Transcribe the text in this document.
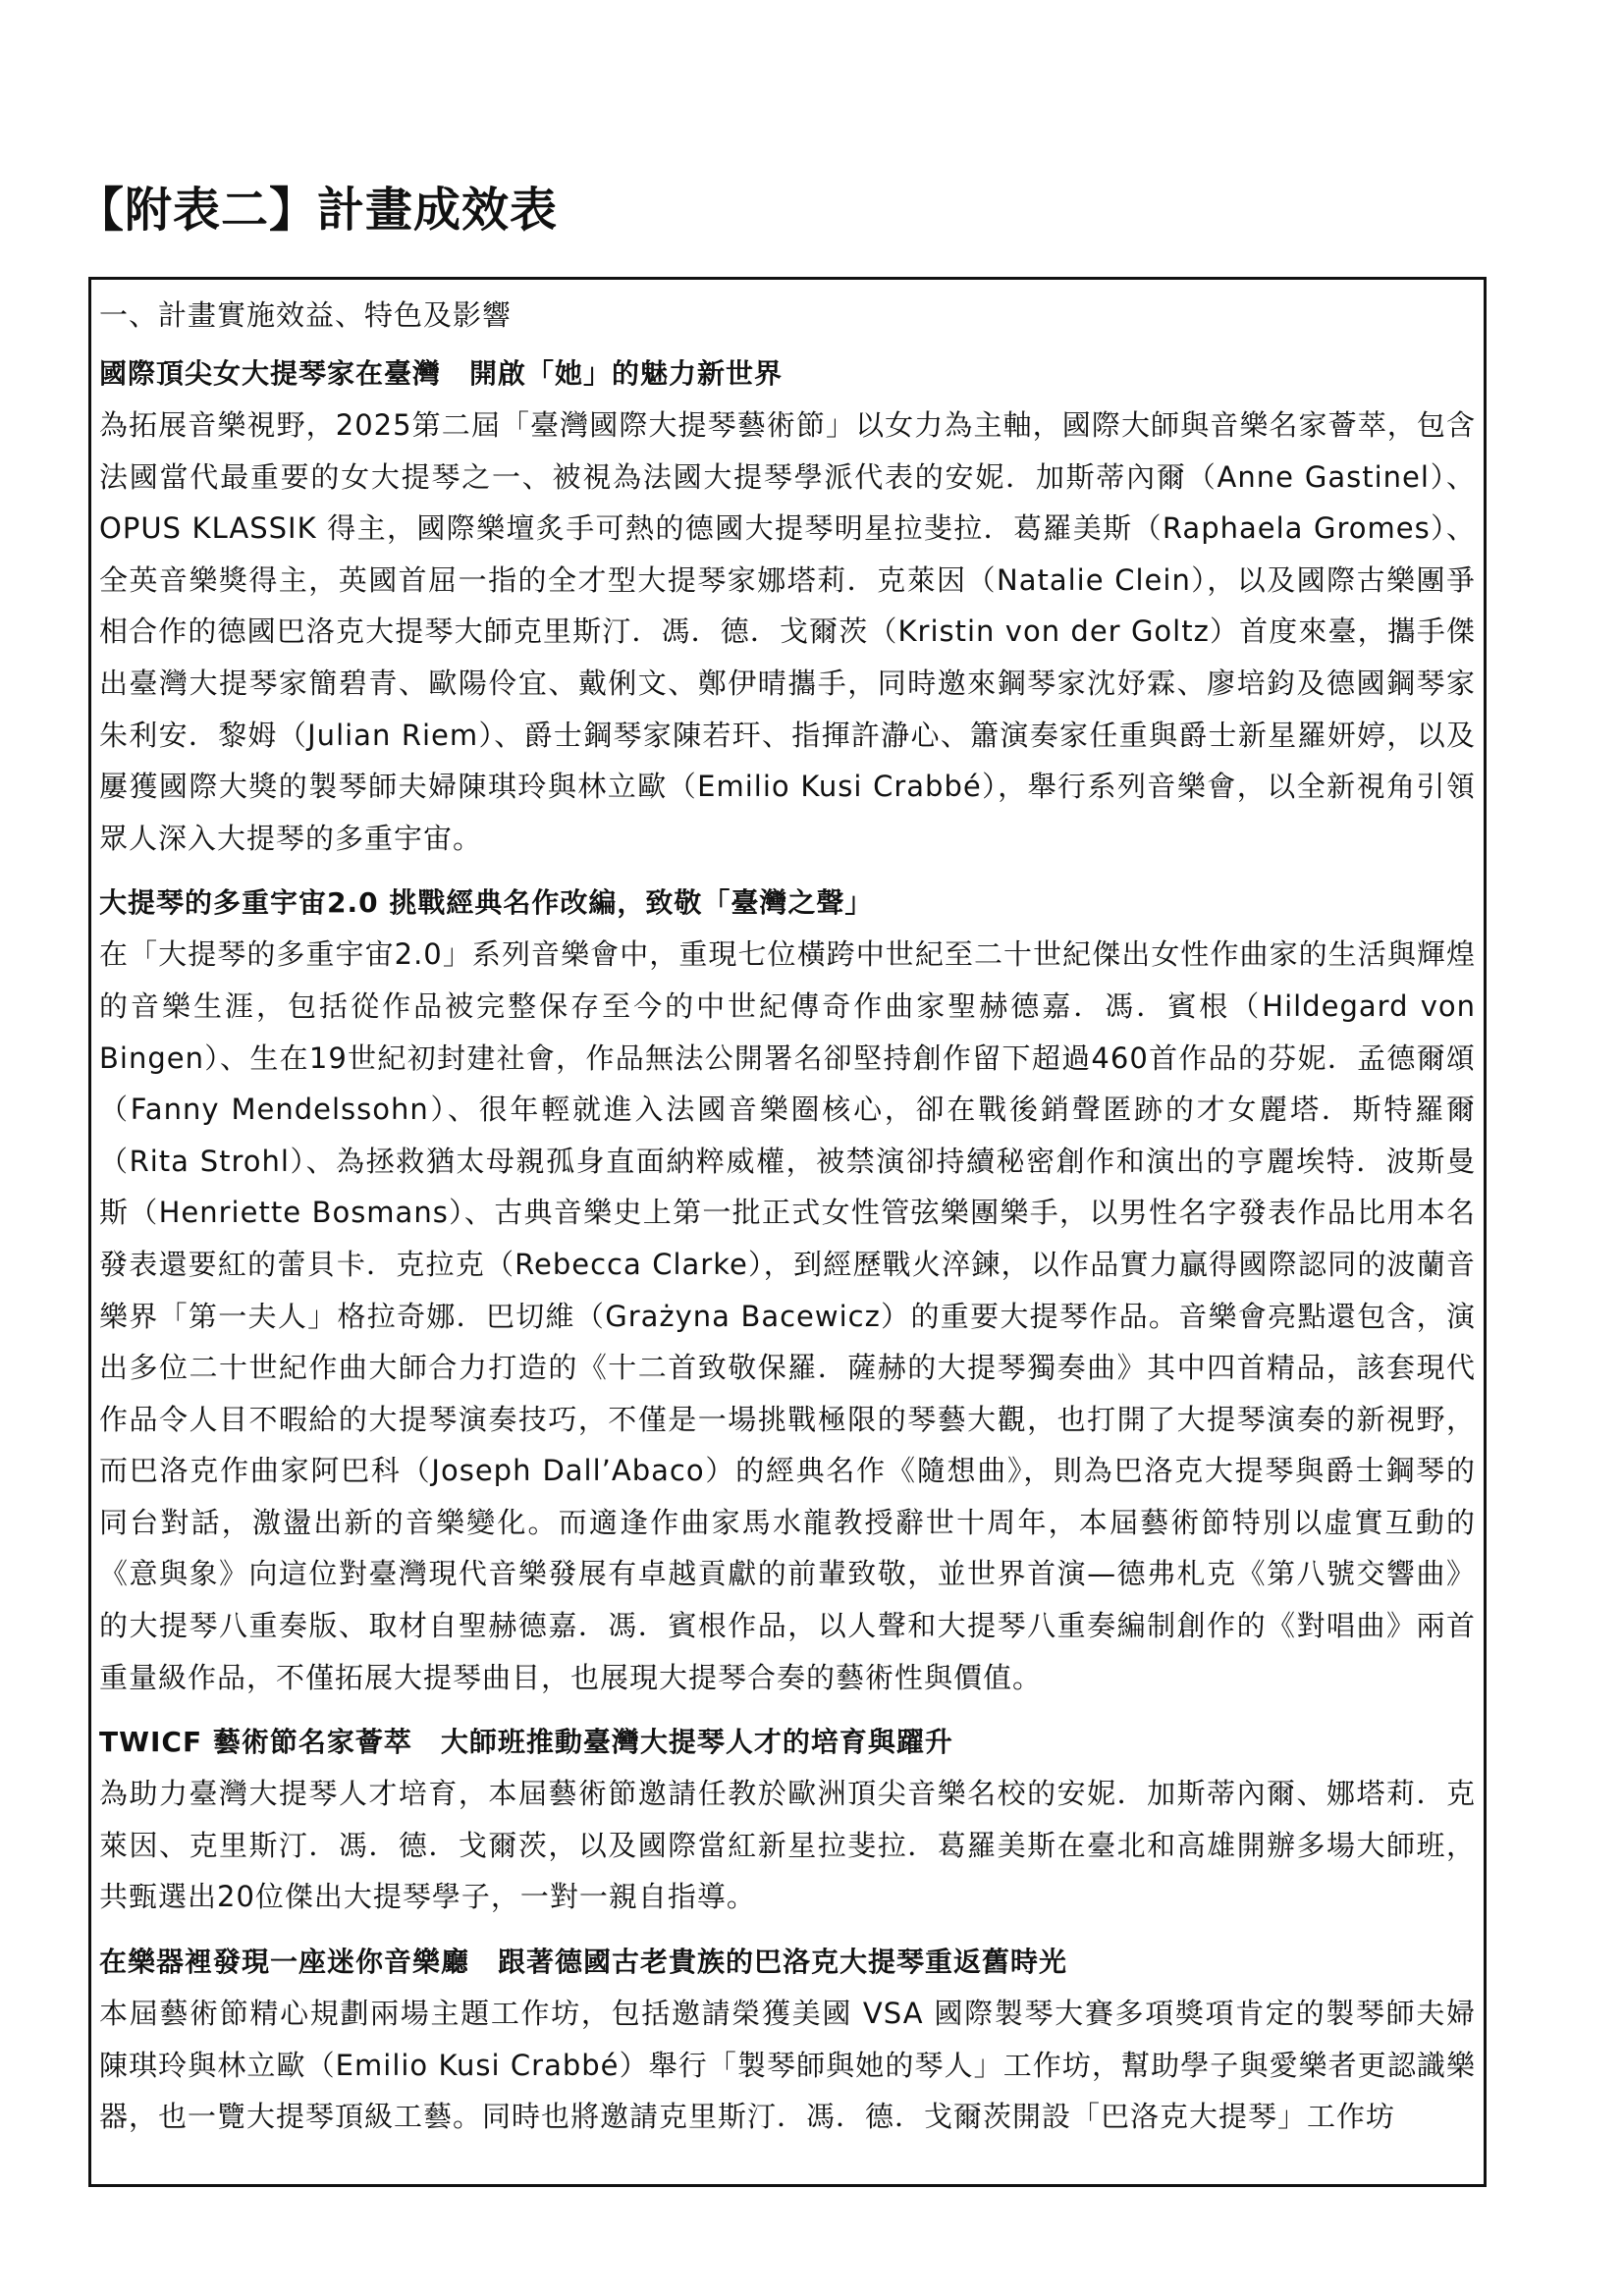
【附表二】計畫成效表

一、計畫實施效益、特色及影響

國際頂尖女大提琴家在臺灣　開啟「她」的魅力新世界

為拓展音樂視野，2025第二屆「臺灣國際大提琴藝術節」以女力為主軸，國際大師與音樂名家薈萃，包含法國當代最重要的女大提琴之一、被視為法國大提琴學派代表的安妮．加斯蒂內爾（Anne Gastinel）、OPUS KLASSIK 得主，國際樂壇炙手可熱的德國大提琴明星拉斐拉．葛羅美斯（Raphaela Gromes）、全英音樂獎得主，英國首屈一指的全才型大提琴家娜塔莉．克萊因（Natalie Clein），以及國際古樂團爭相合作的德國巴洛克大提琴大師克里斯汀．馮．德．戈爾茨（Kristin von der Goltz）首度來臺，攜手傑出臺灣大提琴家簡碧青、歐陽伶宜、戴俐文、鄭伊晴攜手，同時邀來鋼琴家沈妤霖、廖培鈞及德國鋼琴家朱利安．黎姆（Julian Riem）、爵士鋼琴家陳若玕、指揮許瀞心、簫演奏家任重與爵士新星羅妍婷，以及屢獲國際大獎的製琴師夫婦陳琪玲與林立歐（Emilio Kusi Crabbé），舉行系列音樂會，以全新視角引領眾人深入大提琴的多重宇宙。

大提琴的多重宇宙2.0 挑戰經典名作改編，致敬「臺灣之聲」

在「大提琴的多重宇宙2.0」系列音樂會中，重現七位橫跨中世紀至二十世紀傑出女性作曲家的生活與輝煌的音樂生涯，包括從作品被完整保存至今的中世紀傳奇作曲家聖赫德嘉．馮．賓根（Hildegard von Bingen）、生在19世紀初封建社會，作品無法公開署名卻堅持創作留下超過460首作品的芬妮．孟德爾頌（Fanny Mendelssohn）、很年輕就進入法國音樂圈核心，卻在戰後銷聲匿跡的才女麗塔．斯特羅爾（Rita Strohl）、為拯救猶太母親孤身直面納粹威權，被禁演卻持續秘密創作和演出的亨麗埃特．波斯曼斯（Henriette Bosmans）、古典音樂史上第一批正式女性管弦樂團樂手，以男性名字發表作品比用本名發表還要紅的蕾貝卡．克拉克（Rebecca Clarke），到經歷戰火淬鍊，以作品實力贏得國際認同的波蘭音樂界「第一夫人」格拉奇娜．巴切維（Grażyna Bacewicz）的重要大提琴作品。音樂會亮點還包含，演出多位二十世紀作曲大師合力打造的《十二首致敬保羅．薩赫的大提琴獨奏曲》其中四首精品，該套現代作品令人目不暇給的大提琴演奏技巧，不僅是一場挑戰極限的琴藝大觀，也打開了大提琴演奏的新視野，而巴洛克作曲家阿巴科（Joseph Dall’Abaco）的經典名作《隨想曲》，則為巴洛克大提琴與爵士鋼琴的同台對話，激盪出新的音樂變化。而適逢作曲家馬水龍教授辭世十周年，本屆藝術節特別以虛實互動的《意與象》向這位對臺灣現代音樂發展有卓越貢獻的前輩致敬，並世界首演—德弗札克《第八號交響曲》的大提琴八重奏版、取材自聖赫德嘉．馮．賓根作品，以人聲和大提琴八重奏編制創作的《對唱曲》兩首重量級作品，不僅拓展大提琴曲目，也展現大提琴合奏的藝術性與價值。

TWICF 藝術節名家薈萃　大師班推動臺灣大提琴人才的培育與躍升

為助力臺灣大提琴人才培育，本屆藝術節邀請任教於歐洲頂尖音樂名校的安妮．加斯蒂內爾、娜塔莉．克萊因、克里斯汀．馮．德．戈爾茨，以及國際當紅新星拉斐拉．葛羅美斯在臺北和高雄開辦多場大師班，共甄選出20位傑出大提琴學子，一對一親自指導。

在樂器裡發現一座迷你音樂廳　跟著德國古老貴族的巴洛克大提琴重返舊時光

本屆藝術節精心規劃兩場主題工作坊，包括邀請榮獲美國 VSA 國際製琴大賽多項獎項肯定的製琴師夫婦陳琪玲與林立歐（Emilio Kusi Crabbé）舉行「製琴師與她的琴人」工作坊，幫助學子與愛樂者更認識樂器，也一覽大提琴頂級工藝。同時也將邀請克里斯汀．馮．德．戈爾茨開設「巴洛克大提琴」工作坊
